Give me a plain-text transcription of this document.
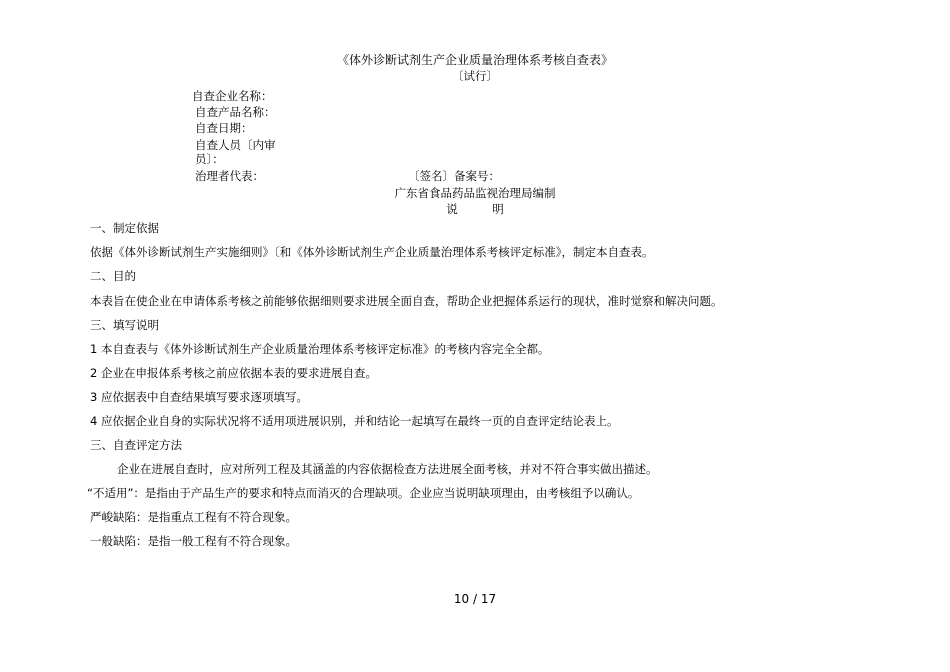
《体外诊断试剂生产企业质量治理体系考核自查表》
〔试行〕
自查企业名称：
自查产品名称：
自查日期：
自查人员〔内审
员〕：
治理者代表：	〔签名〕备案号：
广东省食品药品监视治理局编制
说　　　明
一、制定依据
依据《体外诊断试剂生产实施细则》〔和《体外诊断试剂生产企业质量治理体系考核评定标准》，制定本自查表。
二、目的
本表旨在使企业在申请体系考核之前能够依据细则要求进展全面自查，帮助企业把握体系运行的现状，准时觉察和解决问题。
三、填写说明
1 本自查表与《体外诊断试剂生产企业质量治理体系考核评定标准》的考核内容完全全都。
2 企业在申报体系考核之前应依据本表的要求进展自查。
3 应依据表中自查结果填写要求逐项填写。
4 应依据企业自身的实际状况将不适用项进展识别，并和结论一起填写在最终一页的自查评定结论表上。
三、自查评定方法
企业在进展自查时，应对所列工程及其涵盖的内容依据检查方法进展全面考核，并对不符合事实做出描述。
“不适用”：是指由于产品生产的要求和特点而消灭的合理缺项。企业应当说明缺项理由，由考核组予以确认。
严峻缺陷：是指重点工程有不符合现象。
一般缺陷：是指一般工程有不符合现象。
10 / 17
